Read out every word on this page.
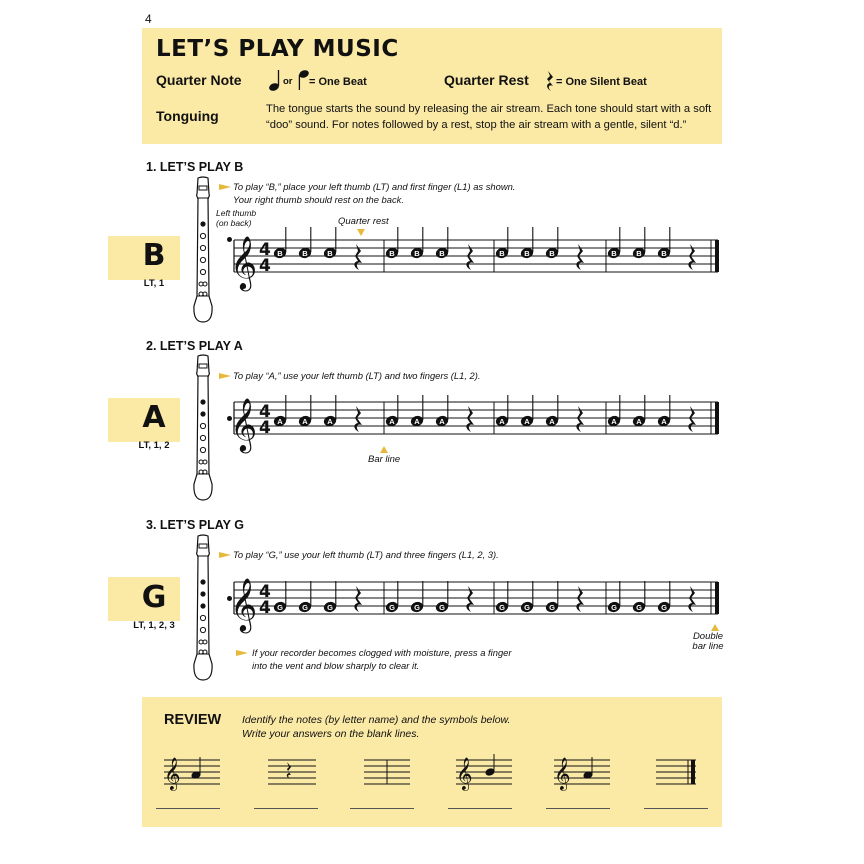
4
LET’S PLAY MUSIC
Quarter Note	or = One Beat	Quarter Rest = One Silent Beat
Tonguing	The tongue starts the sound by releasing the air stream. Each tone should start with a soft “doo” sound. For notes followed by a rest, stop the air stream with a gentle, silent “d.”
1. LET’S PLAY B
To play “B,” place your left thumb (LT) and first finger (L1) as shown.
Your right thumb should rest on the back.
Left thumb
(on back)	Quarter rest
B
LT, 1	𝄞 4
4
B	B	B	B	B	B	B	B	B	B	B	B
2. LET’S PLAY A
To play “A,” use your left thumb (LT) and two fingers (L1, 2).
A
LT, 1, 2	𝄞 4
4 A	A	A	A	A	A	A	A	A	A	A	A
Bar line
3. LET’S PLAY G
To play “G,” use your left thumb (LT) and three fingers (L1, 2, 3).
G
LT, 1, 2, 3	𝄞 4
4 G	G	G	G	G	G	G	G	G	G	G	G
Double
bar line
If your recorder becomes clogged with moisture, press a finger
into the vent and blow sharply to clear it.
REVIEW Identify the notes (by letter name) and the symbols below.
Write your answers on the blank lines.
𝄞	𝄞	𝄞
